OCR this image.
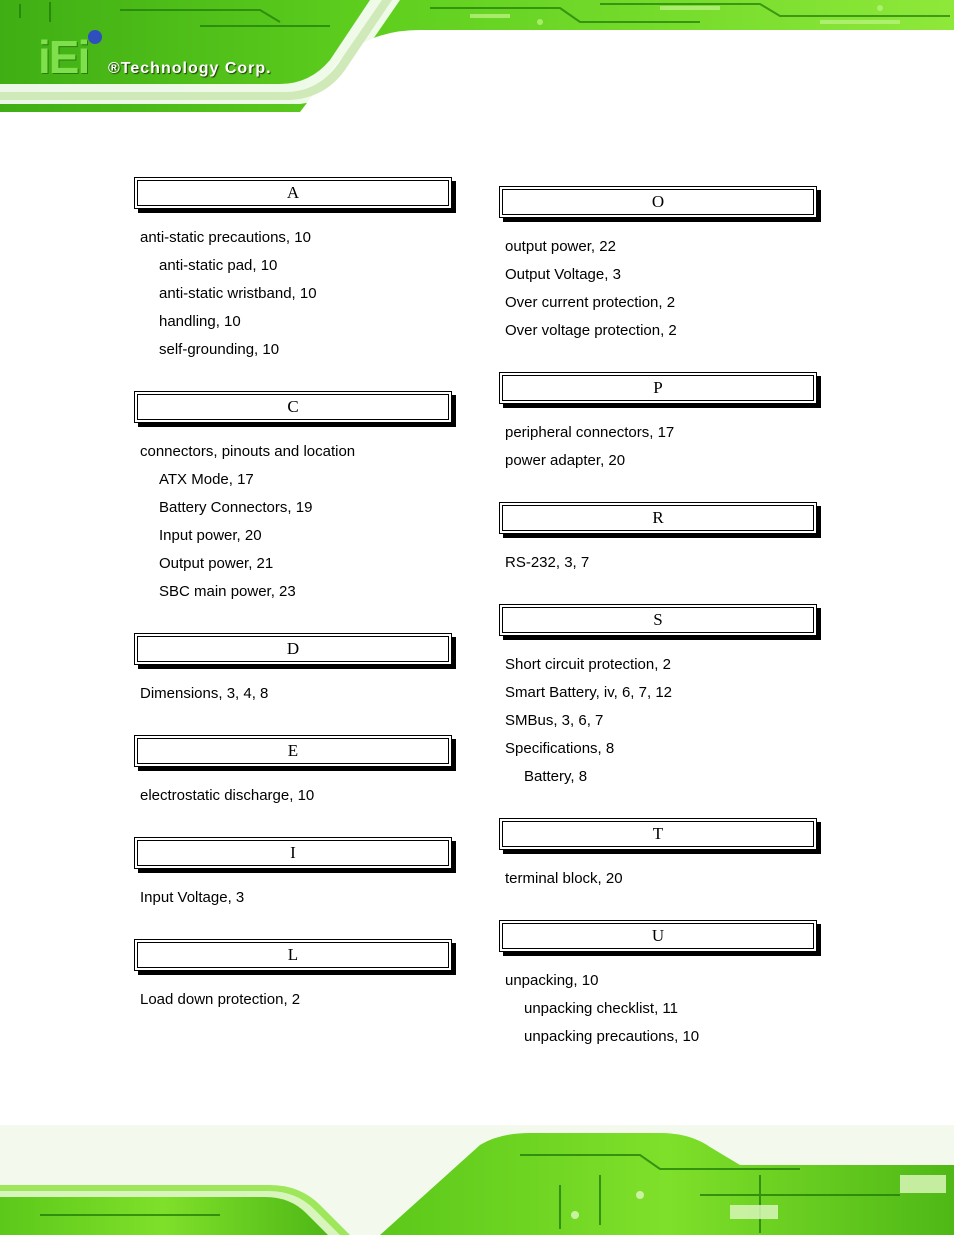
iEi ®Technology Corp.
A
anti-static precautions, 10
anti-static pad, 10
anti-static wristband, 10
handling, 10
self-grounding, 10
C
connectors, pinouts and location
ATX Mode, 17
Battery Connectors, 19
Input power, 20
Output power, 21
SBC main power, 23
D
Dimensions, 3, 4, 8
E
electrostatic discharge, 10
I
Input Voltage, 3
L
Load down protection, 2
O
output power, 22
Output Voltage, 3
Over current protection, 2
Over voltage protection, 2
P
peripheral connectors, 17
power adapter, 20
R
RS-232, 3, 7
S
Short circuit protection, 2
Smart Battery, iv, 6, 7, 12
SMBus, 3, 6, 7
Specifications, 8
Battery, 8
T
terminal block, 20
U
unpacking, 10
unpacking checklist, 11
unpacking precautions, 10
